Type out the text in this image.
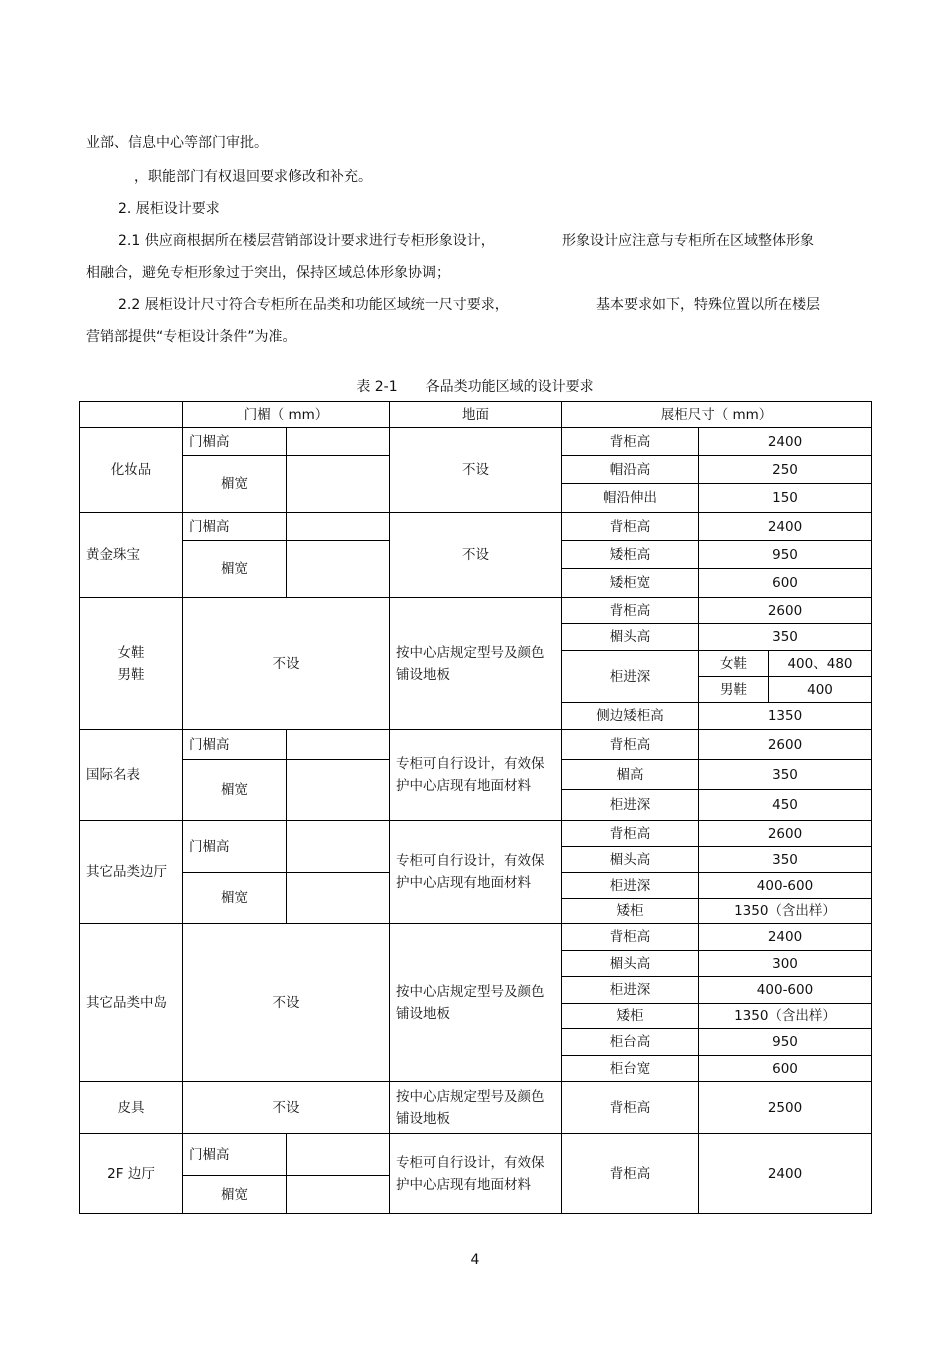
业部、信息中心等部门审批。
，职能部门有权退回要求修改和补充。
2. 展柜设计要求
2.1 供应商根据所在楼层营销部设计要求进行专柜形象设计，	形象设计应注意与专柜所在区域整体形象
相融合，避免专柜形象过于突出，保持区域总体形象协调；
2.2 展柜设计尺寸符合专柜所在品类和功能区域统一尺寸要求，	基本要求如下，特殊位置以所在楼层
营销部提供“专柜设计条件”为准。
表 2-1 各品类功能区域的设计要求
	门楣（ mm）		地面	展柜尺寸（ mm）		
化妆品	门楣高		不设	背柜高	2400	
	楣宽			帽沿高	250	
				帽沿伸出	150	
黄金珠宝	门楣高		不设	背柜高	2400	
	楣宽			矮柜高	950	
				矮柜宽	600	

女鞋
男鞋	不设		按中心店规定型号及颜色铺设地板	背柜高	2600	
				楣头高	350	
				柜进深	女鞋	400、480
					男鞋	400
				侧边矮柜高	1350	
国际名表	门楣高		专柜可自行设计，有效保护中心店现有地面材料	背柜高	2600	
	楣宽			楣高	350	
				柜进深	450	
其它品类边厅	门楣高		专柜可自行设计，有效保护中心店现有地面材料	背柜高	2600	
				楣头高	350	
	楣宽			柜进深	400-600	
				矮柜	1350（含出样）	
其它品类中岛	不设		按中心店规定型号及颜色铺设地板	背柜高	2400	
				楣头高	300	
				柜进深	400-600	
				矮柜	1350（含出样）	
				柜台高	950	
				柜台宽	600	
皮具	不设		按中心店规定型号及颜色铺设地板	背柜高	2500	
2F 边厅	门楣高		专柜可自行设计，有效保护中心店现有地面材料	背柜高	2400	
	楣宽					
4
